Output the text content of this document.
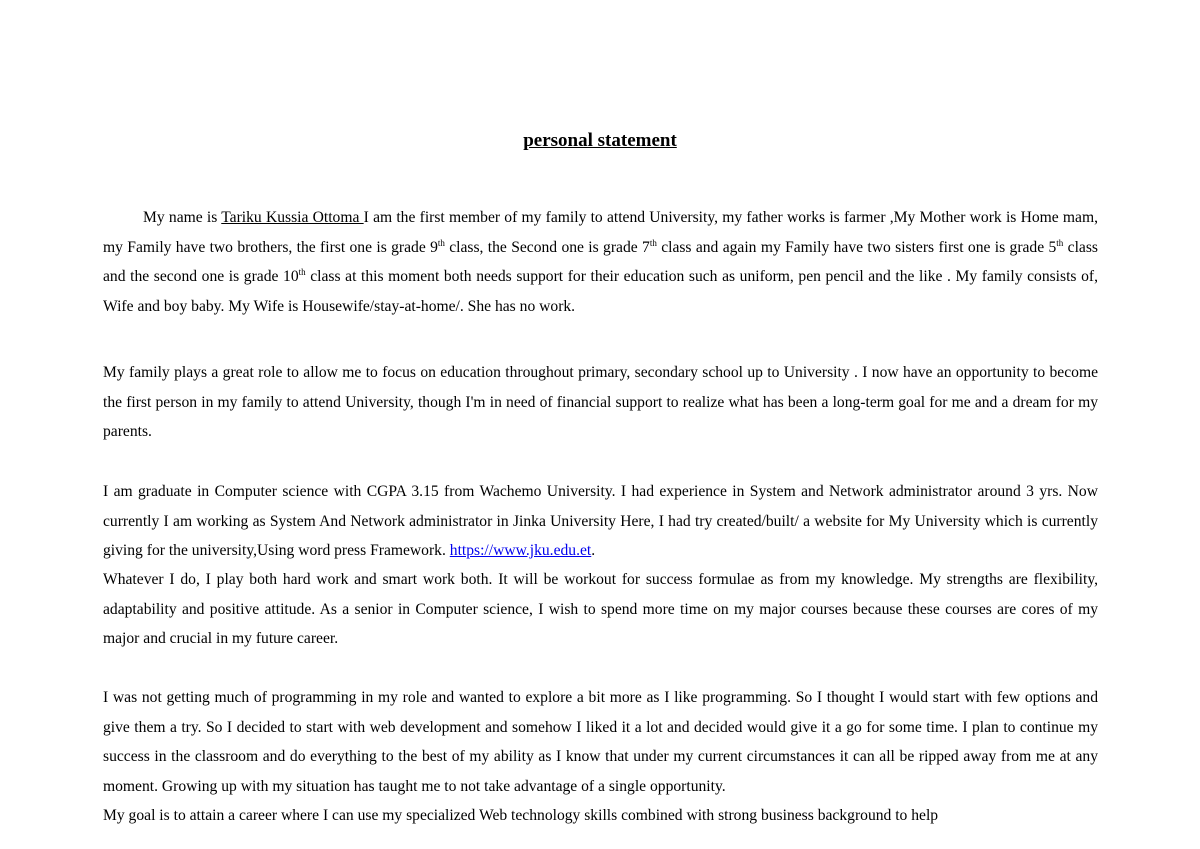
personal statement

My name is Tariku Kussia Ottoma I am the first member of my family to attend University, my father works is farmer ,My Mother work is Home mam, my Family have two brothers, the first one is grade 9th class, the Second one is grade 7th class and again my Family have two sisters first one is grade 5th class and the second one is grade 10th class at this moment both needs support for their education such as uniform, pen pencil and the like . My family consists of, Wife and boy baby. My Wife is Housewife/stay-at-home/. She has no work.

My family plays a great role to allow me to focus on education throughout primary, secondary school up to University . I now have an opportunity to become the first person in my family to attend University, though I'm in need of financial support to realize what has been a long-term goal for me and a dream for my parents.

I am graduate in Computer science with CGPA 3.15 from Wachemo University. I had experience in System and Network administrator around 3 yrs. Now currently I am working as System And Network administrator in Jinka University Here, I had try created/built/ a website for My University which is currently giving for the university,Using word press Framework. https://www.jku.edu.et.

Whatever I do, I play both hard work and smart work both. It will be workout for success formulae as from my knowledge. My strengths are flexibility, adaptability and positive attitude. As a senior in Computer science, I wish to spend more time on my major courses because these courses are cores of my major and crucial in my future career.

I was not getting much of programming in my role and wanted to explore a bit more as I like programming. So I thought I would start with few options and give them a try. So I decided to start with web development and somehow I liked it a lot and decided would give it a go for some time. I plan to continue my success in the classroom and do everything to the best of my ability as I know that under my current circumstances it can all be ripped away from me at any moment. Growing up with my situation has taught me to not take advantage of a single opportunity.

My goal is to attain a career where I can use my specialized Web technology skills combined with strong business background to help
